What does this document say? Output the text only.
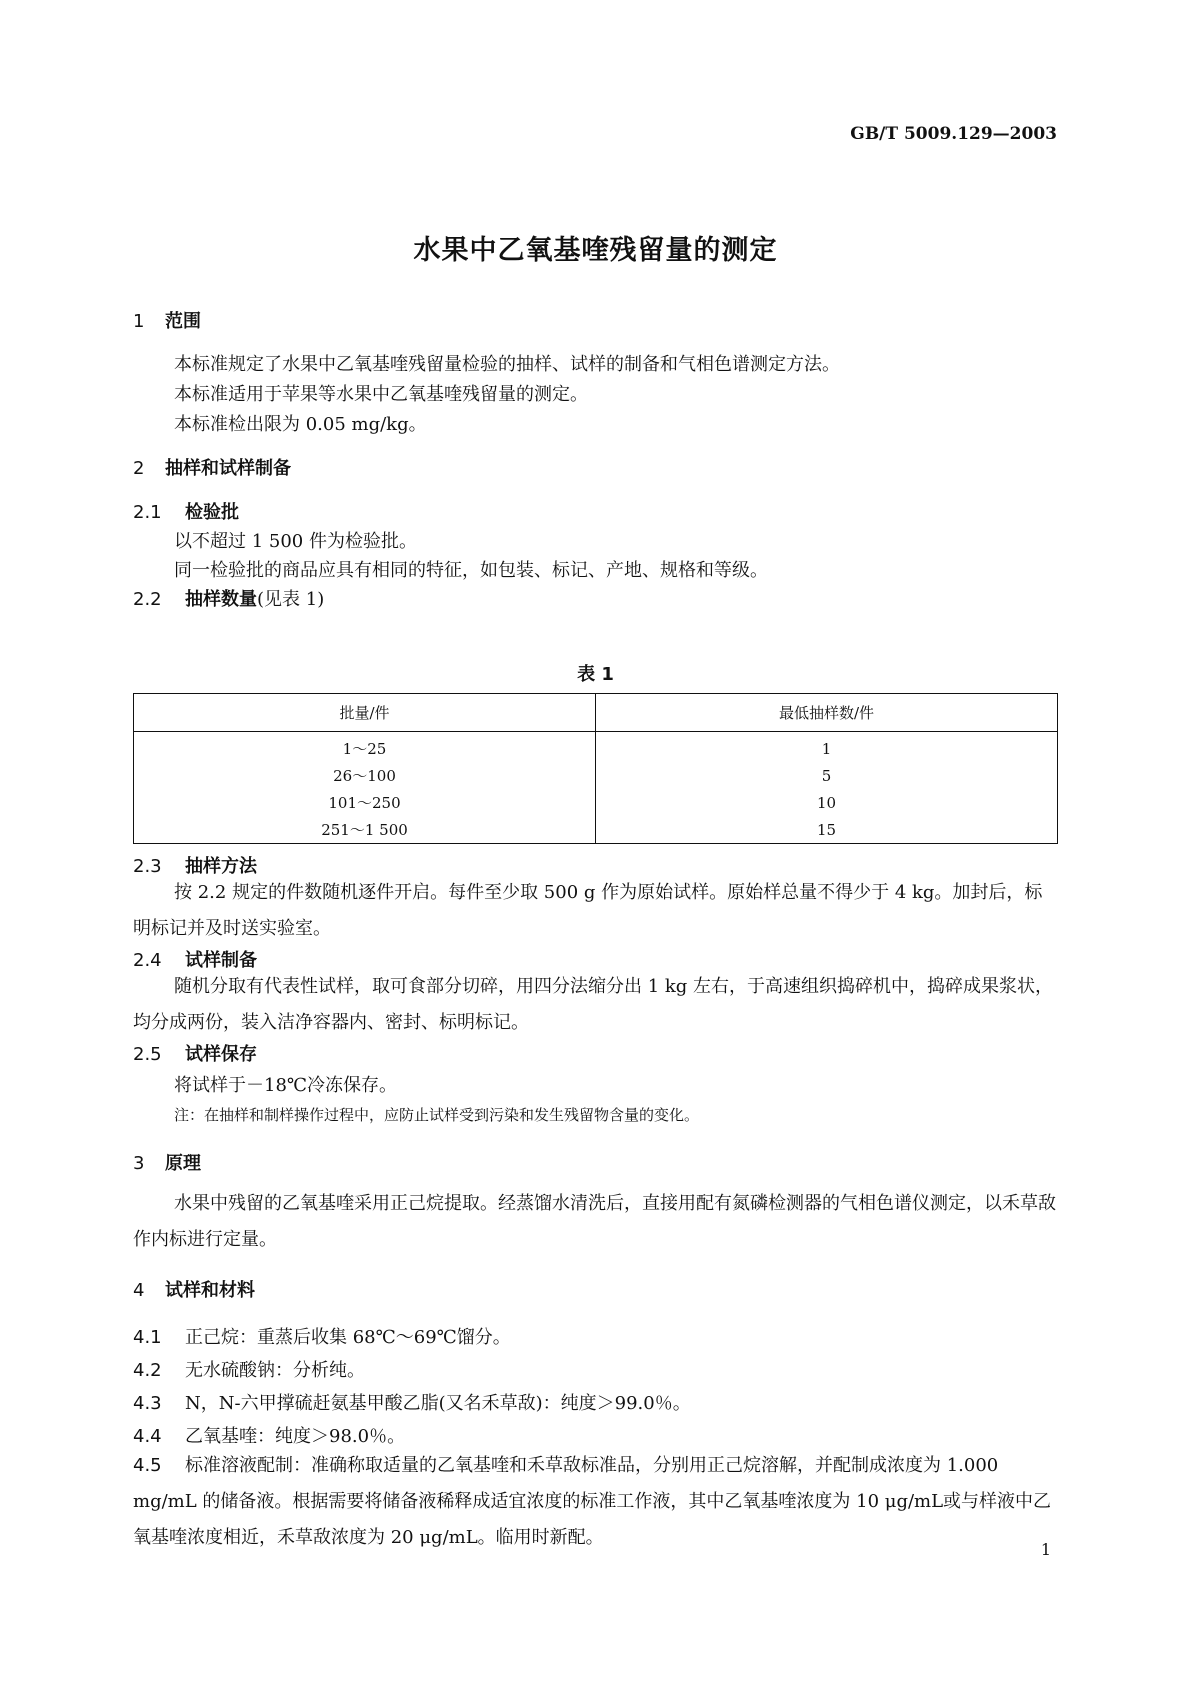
GB/T 5009.129—2003
水果中乙氧基喹残留量的测定
1 范围
本标准规定了水果中乙氧基喹残留量检验的抽样、试样的制备和气相色谱测定方法。
本标准适用于苹果等水果中乙氧基喹残留量的测定。
本标准检出限为 0.05 mg/kg。
2 抽样和试样制备
2.1 检验批
以不超过 1 500 件为检验批。
同一检验批的商品应具有相同的特征，如包装、标记、产地、规格和等级。
2.2 抽样数量(见表 1)
表 1
批量/件	最低抽样数/件
1～25	1
26～100	5
101～250	10
251～1 500	15
2.3 抽样方法
按 2.2 规定的件数随机逐件开启。每件至少取 500 g 作为原始试样。原始样总量不得少于 4 kg。加封后，标明标记并及时送实验室。
2.4 试样制备
随机分取有代表性试样，取可食部分切碎，用四分法缩分出 1 kg 左右，于高速组织捣碎机中，捣碎成果浆状，均分成两份，装入洁净容器内、密封、标明标记。
2.5 试样保存
将试样于－18℃冷冻保存。
注：在抽样和制样操作过程中，应防止试样受到污染和发生残留物含量的变化。
3 原理
水果中残留的乙氧基喹采用正己烷提取。经蒸馏水清洗后，直接用配有氮磷检测器的气相色谱仪测定，以禾草敌作内标进行定量。
4 试样和材料
4.1 正己烷：重蒸后收集 68℃～69℃馏分。
4.2 无水硫酸钠：分析纯。
4.3 N，N-六甲撑硫赶氨基甲酸乙脂(又名禾草敌)：纯度＞99.0％。
4.4 乙氧基喹：纯度＞98.0％。
4.5 标准溶液配制：准确称取适量的乙氧基喹和禾草敌标准品，分别用正己烷溶解，并配制成浓度为 1.000 mg/mL 的储备液。根据需要将储备液稀释成适宜浓度的标准工作液，其中乙氧基喹浓度为 10 μg/mL或与样液中乙氧基喹浓度相近，禾草敌浓度为 20 μg/mL。临用时新配。
1
